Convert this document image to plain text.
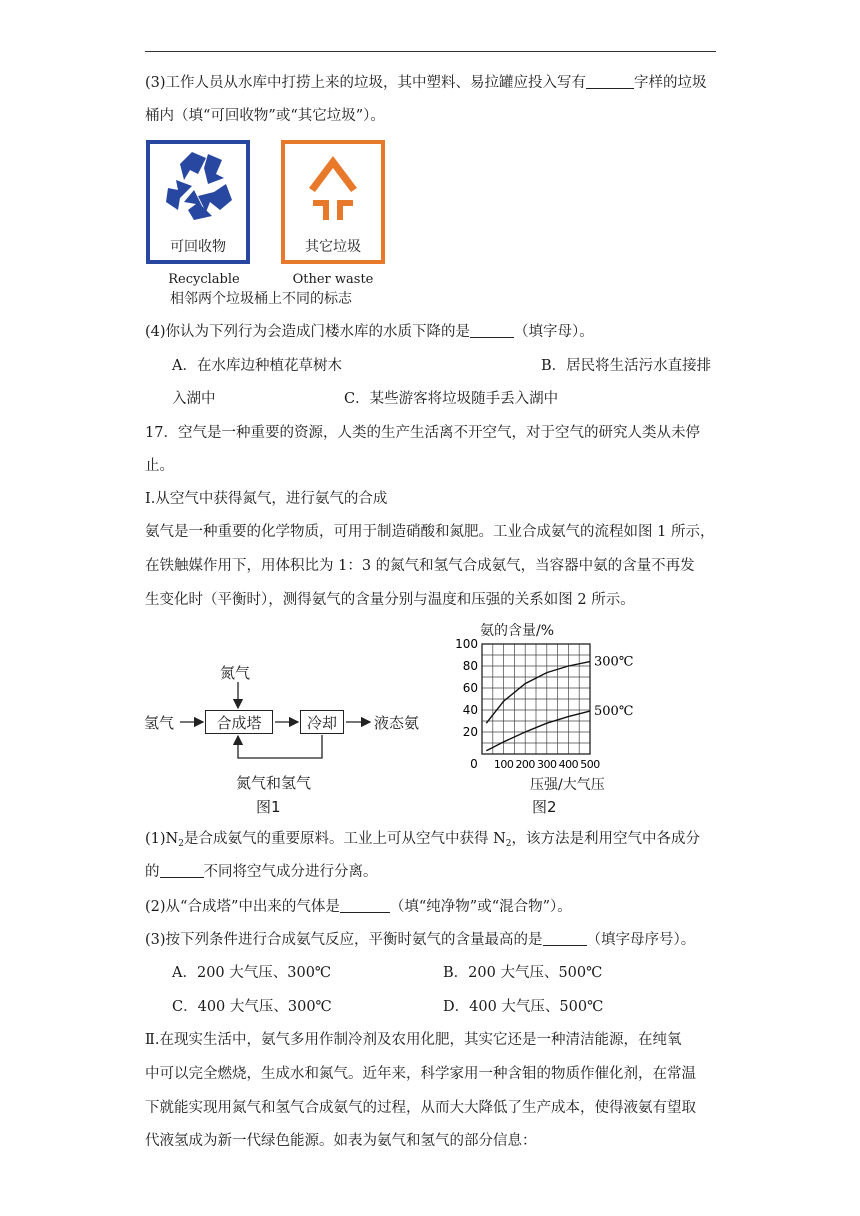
(3)工作人员从水库中打捞上来的垃圾，其中塑料、易拉罐应投入写有	字样的垃圾
桶内（填“可回收物”或“其它垃圾”）。
可回收物	其它垃圾
Recyclable	Other waste
相邻两个垃圾桶上不同的标志
(4)你认为下列行为会造成门楼水库的水质下降的是	（填字母）。
A．在水库边种植花草树木	B．居民将生活污水直接排
入湖中	C．某些游客将垃圾随手丢入湖中
17．空气是一种重要的资源，人类的生产生活离不开空气，对于空气的研究人类从未停
止。
Ⅰ.从空气中获得氮气，进行氨气的合成
氨气是一种重要的化学物质，可用于制造硝酸和氮肥。工业合成氨气的流程如图 1 所示，
在铁触媒作用下，用体积比为 1：3 的氮气和氢气合成氨气，当容器中氨的含量不再发
生变化时（平衡时），测得氨气的含量分别与温度和压强的关系如图 2 所示。
氮气
氢气	合成塔	冷却	液态氨
氮气和氢气
图1
氨的含量/%
压强/大气压
图2
20
40
60
80
100
0 100 200 300 400 500
300℃
500℃
$(1)N_2$是合成氨气的重要原料。工业上可从空气中获得 $N_2$，该方法是利用空气中各成分
的	不同将空气成分进行分离。
(2)从“合成塔”中出来的气体是	（填“纯净物”或“混合物”）。
(3)按下列条件进行合成氨气反应，平衡时氨气的含量最高的是	（填字母序号）。
A．200 大气压、300℃	B．200 大气压、500℃
C．400 大气压、300℃	D．400 大气压、500℃
Ⅱ.在现实生活中，氨气多用作制冷剂及农用化肥，其实它还是一种清洁能源，在纯氧
中可以完全燃烧，生成水和氮气。近年来，科学家用一种含钼的物质作催化剂，在常温
下就能实现用氮气和氢气合成氨气的过程，从而大大降低了生产成本，使得液氨有望取
代液氢成为新一代绿色能源。如表为氨气和氢气的部分信息：
